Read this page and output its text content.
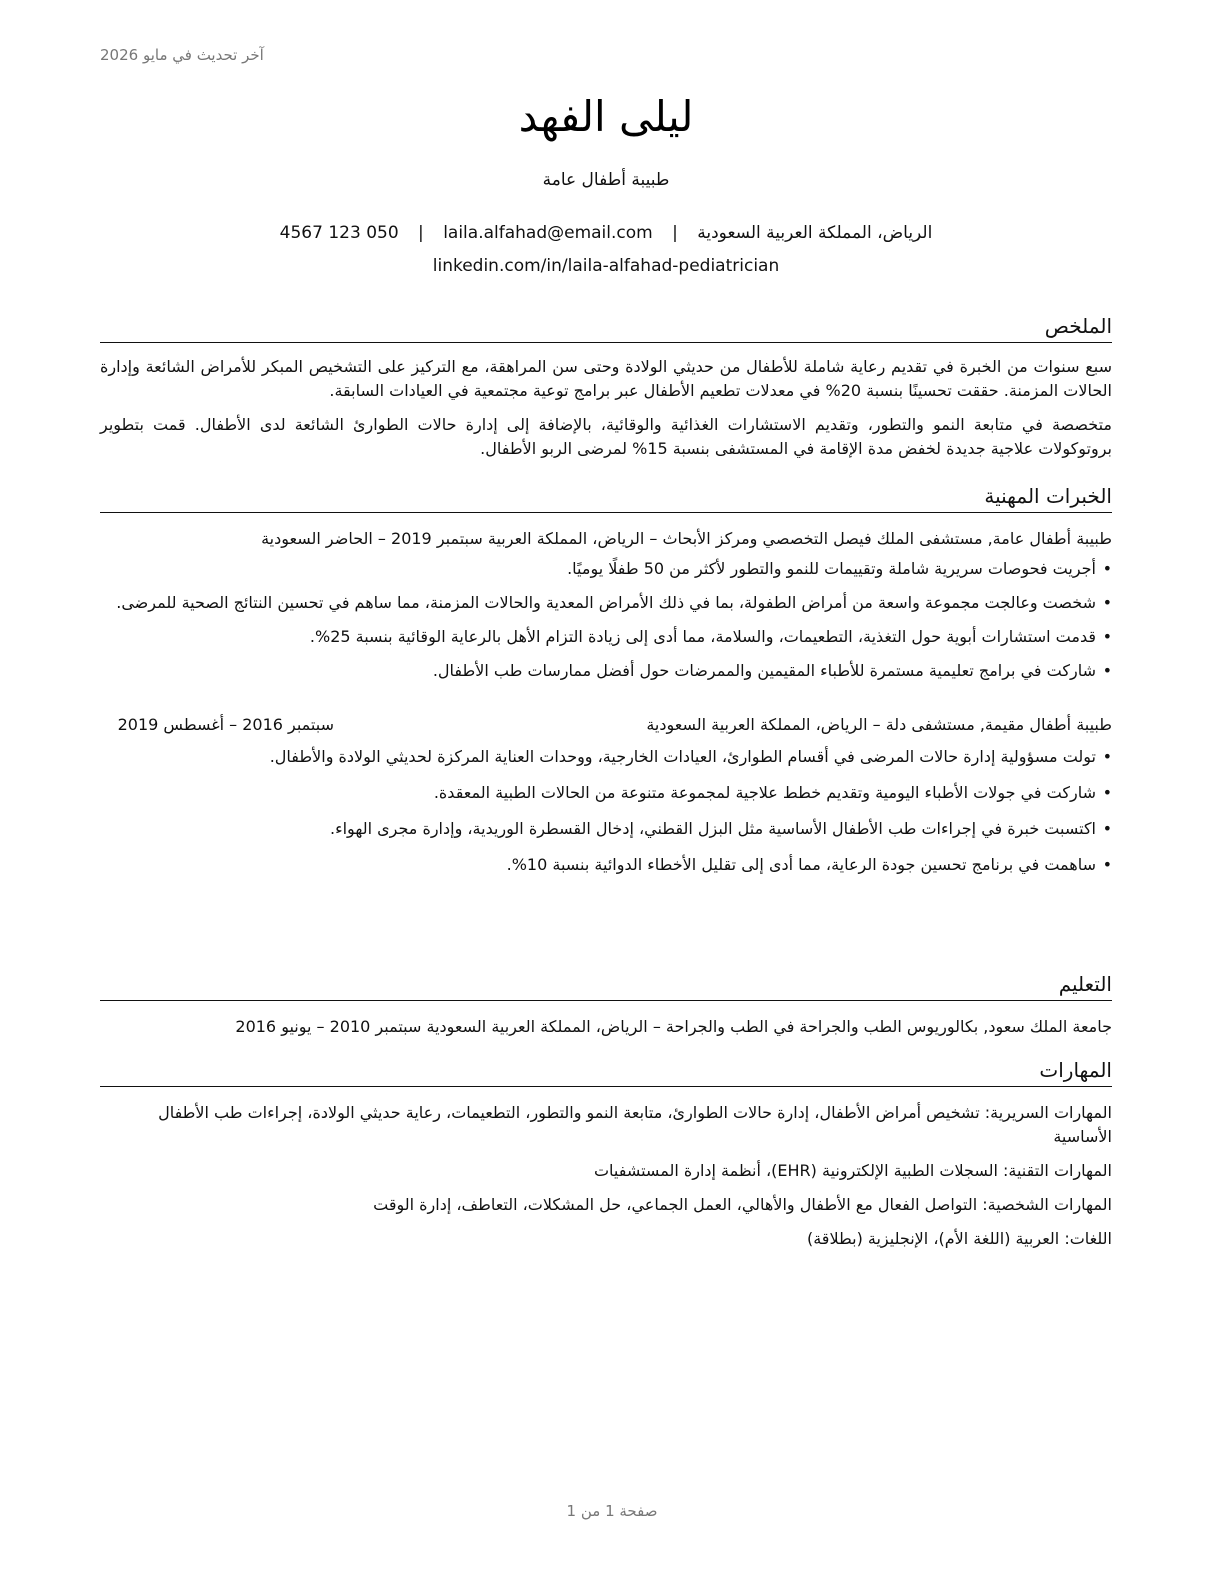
آخر تحديث في مايو 2026
ليلى الفهد
طبيبة أطفال عامة
4567 123 050 | laila.alfahad@email.com | الرياض، المملكة العربية السعودية
linkedin.com/in/laila-alfahad-pediatrician
الملخص

سبع سنوات من الخبرة في تقديم رعاية شاملة للأطفال من حديثي الولادة وحتى سن المراهقة، مع التركيز على التشخيص المبكر للأمراض الشائعة وإدارة الحالات المزمنة. حققت تحسينًا بنسبة 20% في معدلات تطعيم الأطفال عبر برامج توعية مجتمعية في العيادات السابقة.

متخصصة في متابعة النمو والتطور، وتقديم الاستشارات الغذائية والوقائية، بالإضافة إلى إدارة حالات الطوارئ الشائعة لدى الأطفال. قمت بتطوير بروتوكولات علاجية جديدة لخفض مدة الإقامة في المستشفى بنسبة 15% لمرضى الربو الأطفال.

الخبرات المهنية

طبيبة أطفال عامة, مستشفى الملك فيصل التخصصي ومركز الأبحاث – الرياض، المملكة العربية سبتمبر 2019 – الحاضر السعودية

• أجريت فحوصات سريرية شاملة وتقييمات للنمو والتطور لأكثر من 50 طفلًا يوميًا.
• شخصت وعالجت مجموعة واسعة من أمراض الطفولة، بما في ذلك الأمراض المعدية والحالات المزمنة، مما ساهم في تحسين النتائج الصحية للمرضى.
• قدمت استشارات أبوية حول التغذية، التطعيمات، والسلامة، مما أدى إلى زيادة التزام الأهل بالرعاية الوقائية بنسبة 25%.
• شاركت في برامج تعليمية مستمرة للأطباء المقيمين والممرضات حول أفضل ممارسات طب الأطفال.
طبيبة أطفال مقيمة, مستشفى دلة – الرياض، المملكة العربية السعودية
سبتمبر 2016 – أغسطس 2019
• تولت مسؤولية إدارة حالات المرضى في أقسام الطوارئ، العيادات الخارجية، ووحدات العناية المركزة لحديثي الولادة والأطفال.
• شاركت في جولات الأطباء اليومية وتقديم خطط علاجية لمجموعة متنوعة من الحالات الطبية المعقدة.
• اكتسبت خبرة في إجراءات طب الأطفال الأساسية مثل البزل القطني، إدخال القسطرة الوريدية، وإدارة مجرى الهواء.
• ساهمت في برنامج تحسين جودة الرعاية، مما أدى إلى تقليل الأخطاء الدوائية بنسبة 10%.
التعليم

جامعة الملك سعود, بكالوريوس الطب والجراحة في الطب والجراحة – الرياض، المملكة العربية السعودية سبتمبر 2010 – يونيو 2016

المهارات

المهارات السريرية: تشخيص أمراض الأطفال، إدارة حالات الطوارئ، متابعة النمو والتطور، التطعيمات، رعاية حديثي الولادة، إجراءات طب الأطفال الأساسية

المهارات التقنية: السجلات الطبية الإلكترونية (EHR)، أنظمة إدارة المستشفيات

المهارات الشخصية: التواصل الفعال مع الأطفال والأهالي، العمل الجماعي، حل المشكلات، التعاطف، إدارة الوقت

اللغات: العربية (اللغة الأم)، الإنجليزية (بطلاقة)

صفحة 1 من 1
